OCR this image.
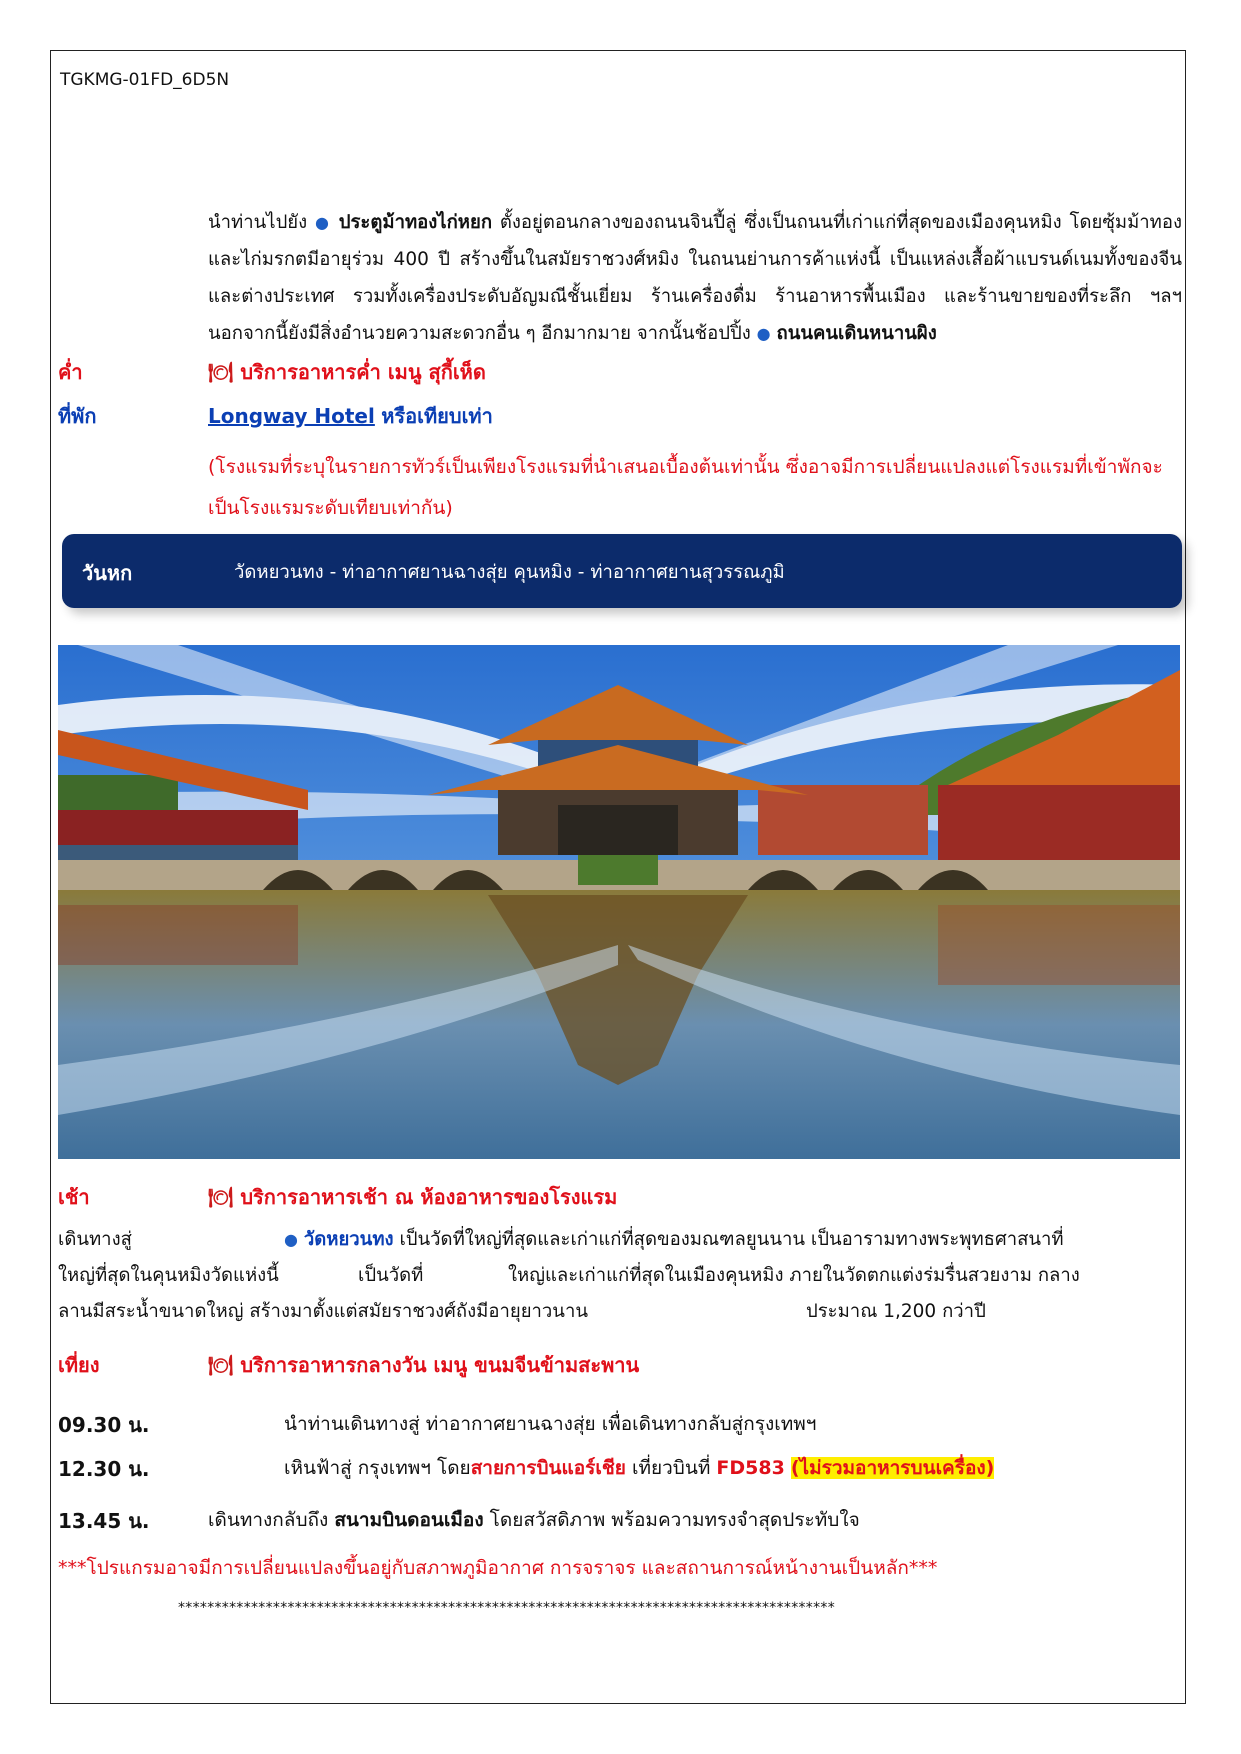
TGKMG-01FD_6D5N
นำท่านไปยัง ● ประตูม้าทองไก่หยก ตั้งอยู่ตอนกลางของถนนจินปี้ลู่ ซึ่งเป็นถนนที่เก่าแก่ที่สุดของเมืองคุนหมิง โดยซุ้มม้าทองและไก่มรกตมีอายุร่วม 400 ปี สร้างขึ้นในสมัยราชวงศ์หมิง ในถนนย่านการค้าแห่งนี้ เป็นแหล่งเสื้อผ้าแบรนด์เนมทั้งของจีนและต่างประเทศ รวมทั้งเครื่องประดับอัญมณีชั้นเยี่ยม ร้านเครื่องดื่ม ร้านอาหารพื้นเมือง และร้านขายของที่ระลึก ฯลฯ นอกจากนี้ยังมีสิ่งอำนวยความสะดวกอื่น ๆ อีกมากมาย จากนั้นช้อปปิ้ง ● ถนนคนเดินหนานผิง
ค่ำ	🍽 บริการอาหารค่ำ เมนู สุกี้เห็ด
ที่พัก	Longway Hotel หรือเทียบเท่า
(โรงแรมที่ระบุในรายการทัวร์เป็นเพียงโรงแรมที่นำเสนอเบื้องต้นเท่านั้น ซึ่งอาจมีการเปลี่ยนแปลงแต่โรงแรมที่เข้าพักจะเป็นโรงแรมระดับเทียบเท่ากัน)
วันหก	วัดหยวนทง - ท่าอากาศยานฉางสุ่ย คุนหมิง - ท่าอากาศยานสุวรรณภูมิ
เช้า	🍽 บริการอาหารเช้า ณ ห้องอาหารของโรงแรม
เดินทางสู่	● วัดหยวนทง เป็นวัดที่ใหญ่ที่สุดและเก่าแก่ที่สุดของมณฑลยูนนาน เป็นอารามทางพระพุทธศาสนาที่
ใหญ่ที่สุดในคุนหมิงวัดแห่งนี้	เป็นวัดที่	ใหญ่และเก่าแก่ที่สุดในเมืองคุนหมิง ภายในวัดตกแต่งร่มรื่นสวยงาม กลาง
ลานมีสระน้ำขนาดใหญ่ สร้างมาตั้งแต่สมัยราชวงศ์ถังมีอายุยาวนาน	ประมาณ 1,200 กว่าปี
เที่ยง	🍽 บริการอาหารกลางวัน เมนู ขนมจีนข้ามสะพาน
09.30 น.	นำท่านเดินทางสู่ ท่าอากาศยานฉางสุ่ย เพื่อเดินทางกลับสู่กรุงเทพฯ
12.30 น.	เหินฟ้าสู่ กรุงเทพฯ โดยสายการบินแอร์เชีย เที่ยวบินที่ FD583 (ไม่รวมอาหารบนเครื่อง)
13.45 น.	เดินทางกลับถึง สนามบินดอนเมือง โดยสวัสดิภาพ พร้อมความทรงจำสุดประทับใจ
***โปรแกรมอาจมีการเปลี่ยนแปลงขึ้นอยู่กับสภาพภูมิอากาศ การจราจร และสถานการณ์หน้างานเป็นหลัก***
******************************************************************************************
